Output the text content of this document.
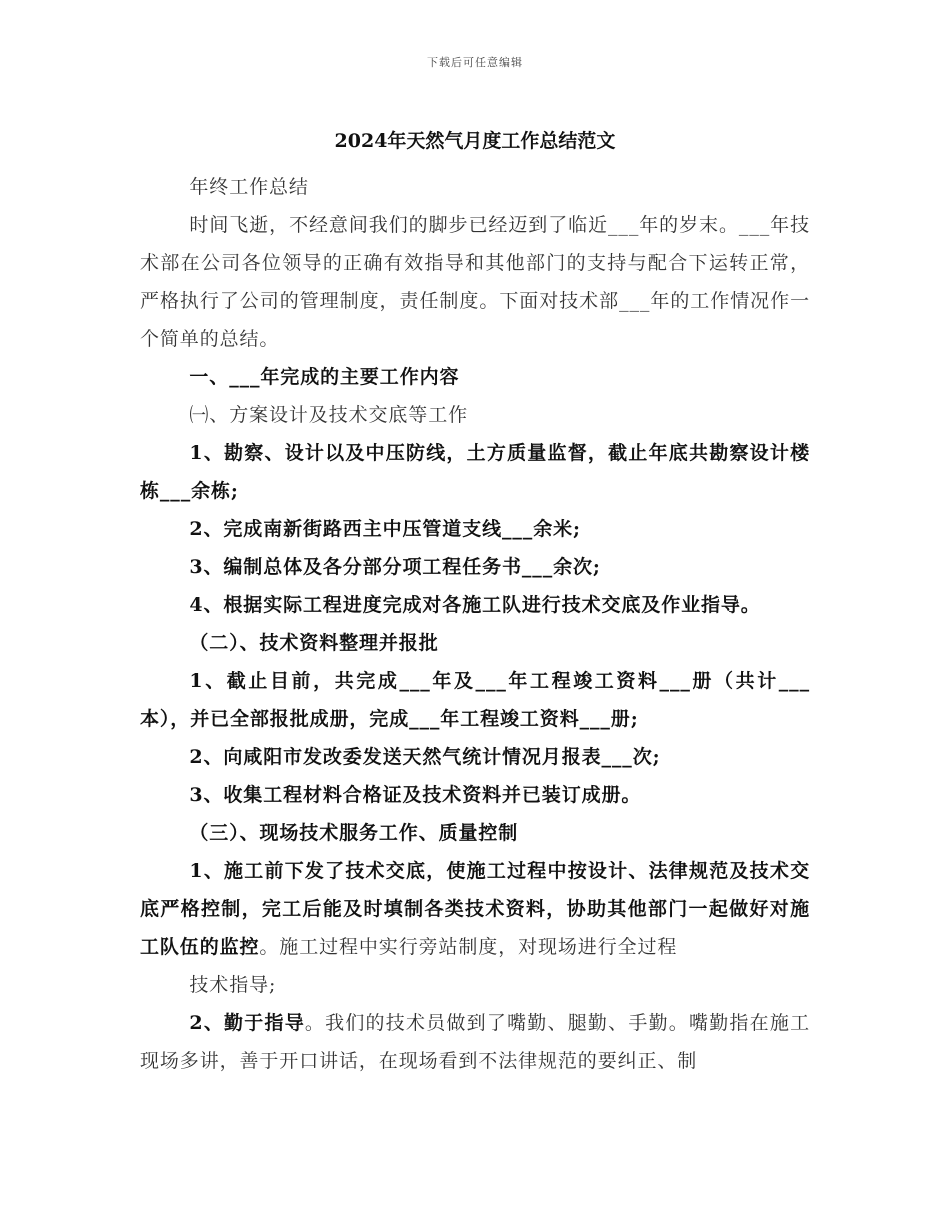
下载后可任意编辑
2024年天然气月度工作总结范文

年终工作总结

时间飞逝，不经意间我们的脚步已经迈到了临近___年的岁末。___年技术部在公司各位领导的正确有效指导和其他部门的支持与配合下运转正常，严格执行了公司的管理制度，责任制度。下面对技术部___年的工作情况作一个简单的总结。

一、___年完成的主要工作内容

㈠、方案设计及技术交底等工作

1、勘察、设计以及中压防线，土方质量监督，截止年底共勘察设计楼栋___余栋;

2、完成南新街路西主中压管道支线___余米;

3、编制总体及各分部分项工程任务书___余次;

4、根据实际工程进度完成对各施工队进行技术交底及作业指导。

（二）、技术资料整理并报批

1、截止目前，共完成___年及___年工程竣工资料___册（共计___本），并已全部报批成册，完成___年工程竣工资料___册;

2、向咸阳市发改委发送天然气统计情况月报表___次;

3、收集工程材料合格证及技术资料并已装订成册。

（三）、现场技术服务工作、质量控制

1、施工前下发了技术交底，使施工过程中按设计、法律规范及技术交底严格控制，完工后能及时填制各类技术资料，协助其他部门一起做好对施工队伍的监控。施工过程中实行旁站制度，对现场进行全过程

技术指导;

2、勤于指导。我们的技术员做到了嘴勤、腿勤、手勤。嘴勤指在施工现场多讲，善于开口讲话，在现场看到不法律规范的要纠正、制
